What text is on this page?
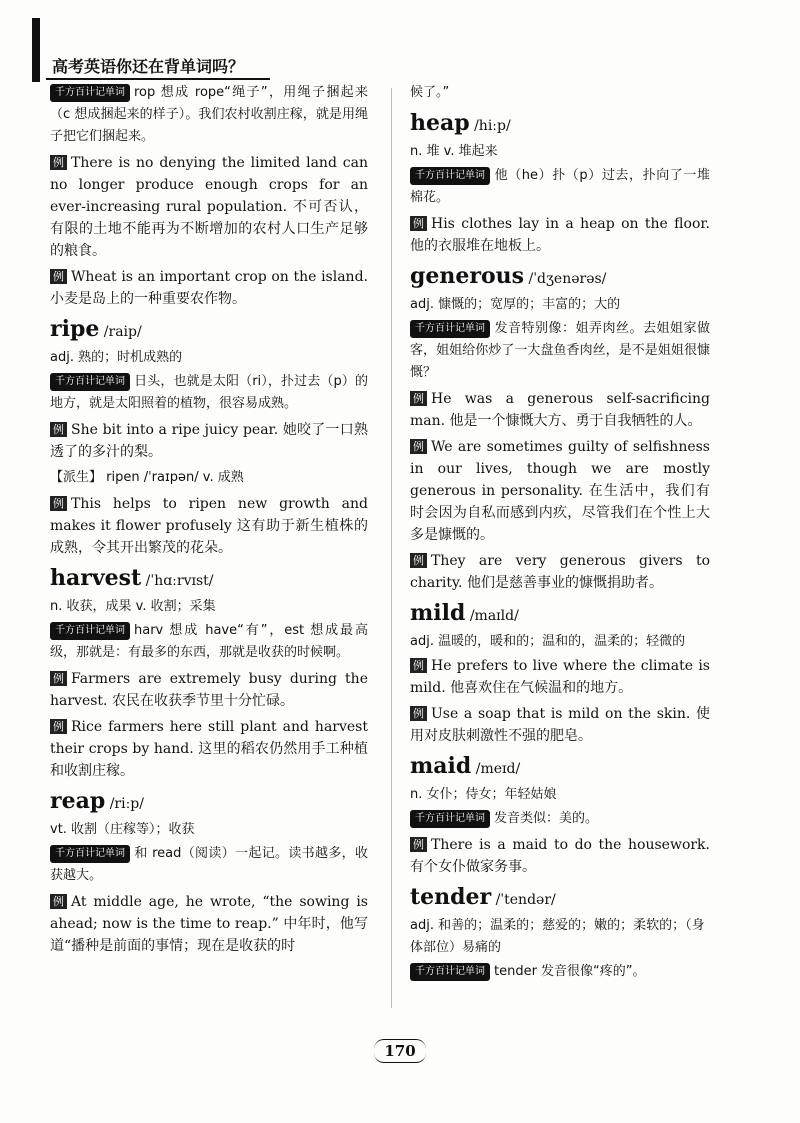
高考英语你还在背单词吗？

千方百计记单词 rop 想成 rope“绳子”，用绳子捆起来（c 想成捆起来的样子）。我们农村收割庄稼，就是用绳子把它们捆起来。

例 There is no denying the limited land can no longer produce enough crops for an ever-increasing rural population. 不可否认，有限的土地不能再为不断增加的农村人口生产足够的粮食。

例 Wheat is an important crop on the island. 小麦是岛上的一种重要农作物。

ripe /raip/

adj. 熟的；时机成熟的

千方百计记单词 日头，也就是太阳（ri），扑过去（p）的地方，就是太阳照着的植物，很容易成熟。

例 She bit into a ripe juicy pear. 她咬了一口熟透了的多汁的梨。

【派生】 ripen /ˈraɪpən/ v. 成熟

例 This helps to ripen new growth and makes it flower profusely 这有助于新生植株的成熟，令其开出繁茂的花朵。

harvest /ˈhɑːrvɪst/

n. 收获，成果 v. 收割；采集

千方百计记单词 harv 想成 have“有”，est 想成最高级，那就是：有最多的东西，那就是收获的时候啊。

例 Farmers are extremely busy during the harvest. 农民在收获季节里十分忙碌。

例 Rice farmers here still plant and harvest their crops by hand. 这里的稻农仍然用手工种植和收割庄稼。

reap /riːp/

vt. 收割（庄稼等）；收获

千方百计记单词 和 read（阅读）一起记。读书越多，收获越大。

例 At middle age, he wrote, “the sowing is ahead; now is the time to reap.” 中年时，他写道“播种是前面的事情；现在是收获的时

候了。”

heap /hiːp/

n. 堆 v. 堆起来

千方百计记单词 他（he）扑（p）过去，扑向了一堆棉花。

例 His clothes lay in a heap on the floor. 他的衣服堆在地板上。

generous /ˈdʒenərəs/

adj. 慷慨的；宽厚的；丰富的；大的

千方百计记单词 发音特别像：姐弄肉丝。去姐姐家做客，姐姐给你炒了一大盘鱼香肉丝，是不是姐姐很慷慨？

例 He was a generous self-sacrificing man. 他是一个慷慨大方、勇于自我牺牲的人。

例 We are sometimes guilty of selfishness in our lives, though we are mostly generous in personality. 在生活中，我们有时会因为自私而感到内疚，尽管我们在个性上大多是慷慨的。

例 They are very generous givers to charity. 他们是慈善事业的慷慨捐助者。

mild /maɪld/

adj. 温暖的，暖和的；温和的，温柔的；轻微的

例 He prefers to live where the climate is mild. 他喜欢住在气候温和的地方。

例 Use a soap that is mild on the skin. 使用对皮肤刺激性不强的肥皂。

maid /meɪd/

n. 女仆；侍女；年轻姑娘

千方百计记单词 发音类似：美的。

例 There is a maid to do the housework. 有个女仆做家务事。

tender /ˈtendər/

adj. 和善的；温柔的；慈爱的；嫩的；柔软的；（身体部位）易痛的

千方百计记单词 tender 发音很像“疼的”。

170
